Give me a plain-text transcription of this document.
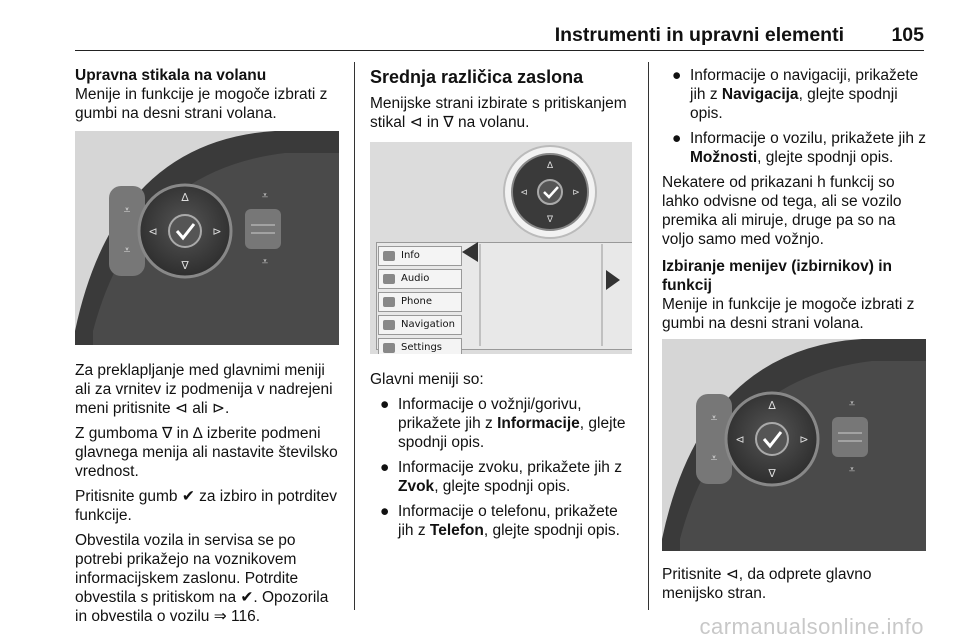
Instrumenti in upravni elementi 105

Upravna stikala na volanu

Menije in funkcije je mogoče izbrati z gumbi na desni strani volana.

⩡
⩡
∆
∇
⊲	⊳
⩡
⩡

Za preklapljanje med glavnimi meniji ali za vrnitev iz podmenija v nadrejeni meni pritisnite ⊲ ali ⊳.

Z gumboma ∇ in ∆ izberite podmeni glavnega menija ali nastavite številsko vrednost.

Pritisnite gumb ✔ za izbiro in potrditev funkcije.

Obvestila vozila in servisa se po potrebi prikažejo na voznikovem informacijskem zaslonu. Potrdite obvestila s pritiskom na ✔. Opozorila in obvestila o vozilu ⇒ 116.

Srednja različica zaslona

Menijske strani izbirate s pritiskanjem stikal ⊲ in ∇ na volanu.

Info
Audio
Phone
Navigation
Settings
∆
∇
⊲	⊳

Glavni meniji so:

● Informacije o vožnji/gorivu, prikažete jih z Informacije, glejte spodnji opis.
● Informacije zvoku, prikažete jih z Zvok, glejte spodnji opis.
● Informacije o telefonu, prikažete jih z Telefon, glejte spodnji opis.
● Informacije o navigaciji, prikažete jih z Navigacija, glejte spodnji opis.
● Informacije o vozilu, prikažete jih z Možnosti, glejte spodnji opis.

Nekatere od prikazani h funkcij so lahko odvisne od tega, ali se vozilo premika ali miruje, druge pa so na voljo samo med vožnjo.

Izbiranje menijev (izbirnikov) in funkcij

Menije in funkcije je mogoče izbrati z gumbi na desni strani volana.

⩡
⩡
∆
∇
⊲	⊳
⩡
⩡

Pritisnite ⊲, da odprete glavno menijsko stran.

carmanualsonline.info
